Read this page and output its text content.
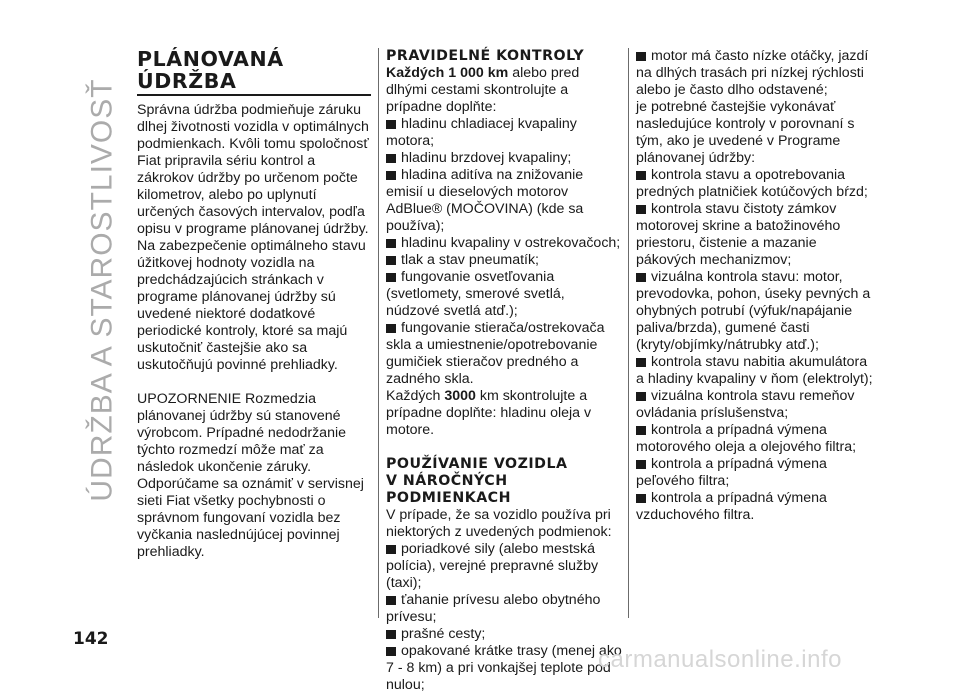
ÚDRŽBA A STAROSTLIVOSŤ
PLÁNOVANÁ
ÚDRŽBA

Správna údržba podmieňuje záruku dlhej životnosti vozidla v optimálnych podmienkach. Kvôli tomu spoločnosť Fiat pripravila sériu kontrol a zákrokov údržby po určenom počte kilometrov, alebo po uplynutí určených časových intervalov, podľa opisu v programe plánovanej údržby.

Na zabezpečenie optimálneho stavu úžitkovej hodnoty vozidla na predchádzajúcich stránkach v programe plánovanej údržby sú uvedené niektoré dodatkové periodické kontroly, ktoré sa majú uskutočniť častejšie ako sa uskutočňujú povinné prehliadky.

UPOZORNENIE Rozmedzia plánovanej údržby sú stanovené výrobcom. Prípadné nedodržanie týchto rozmedzí môže mať za následok ukončenie záruky. Odporúčame sa oznámiť v servisnej sieti Fiat všetky pochybnosti o správnom fungovaní vozidla bez vyčkania naslednújúcej povinnej prehliadky.

PRAVIDELNÉ KONTROLY

Každých 1 000 km alebo pred dlhými cestami skontrolujte a prípadne doplňte:

hladinu chladiacej kvapaliny motora;

hladinu brzdovej kvapaliny;

hladina aditíva na znižovanie emisií u dieselových motorov AdBlue® (MOČOVINA) (kde sa používa);

hladinu kvapaliny v ostrekovačoch;

tlak a stav pneumatík;

fungovanie osvetľovania (svetlomety, smerové svetlá, núdzové svetlá atď.);

fungovanie stierača/ostrekovača skla a umiestnenie/opotrebovanie gumičiek stieračov predného a zadného skla.

Každých 3000 km skontrolujte a prípadne doplňte: hladinu oleja v motore.

POUŽÍVANIE VOZIDLA
V NÁROČNÝCH
PODMIENKACH

V prípade, že sa vozidlo používa pri niektorých z uvedených podmienok:

poriadkové sily (alebo mestská polícia), verejné prepravné služby (taxi);

ťahanie prívesu alebo obytného prívesu;

prašné cesty;

opakované krátke trasy (menej ako 7 - 8 km) a pri vonkajšej teplote pod nulou;

motor má často nízke otáčky, jazdí na dlhých trasách pri nízkej rýchlosti alebo je často dlho odstavené;

je potrebné častejšie vykonávať nasledujúce kontroly v porovnaní s tým, ako je uvedené v Programe plánovanej údržby:

kontrola stavu a opotrebovania predných platničiek kotúčových bŕzd;

kontrola stavu čistoty zámkov motorovej skrine a batožinového priestoru, čistenie a mazanie pákových mechanizmov;

vizuálna kontrola stavu: motor, prevodovka, pohon, úseky pevných a ohybných potrubí (výfuk/napájanie paliva/brzda), gumené časti (kryty/objímky/nátrubky atď.);

kontrola stavu nabitia akumulátora a hladiny kvapaliny v ňom (elektrolyt);

vizuálna kontrola stavu remeňov ovládania príslušenstva;

kontrola a prípadná výmena motorového oleja a olejového filtra;

kontrola a prípadná výmena peľového filtra;

kontrola a prípadná výmena vzduchového filtra.

142
carmanualsonline.info
